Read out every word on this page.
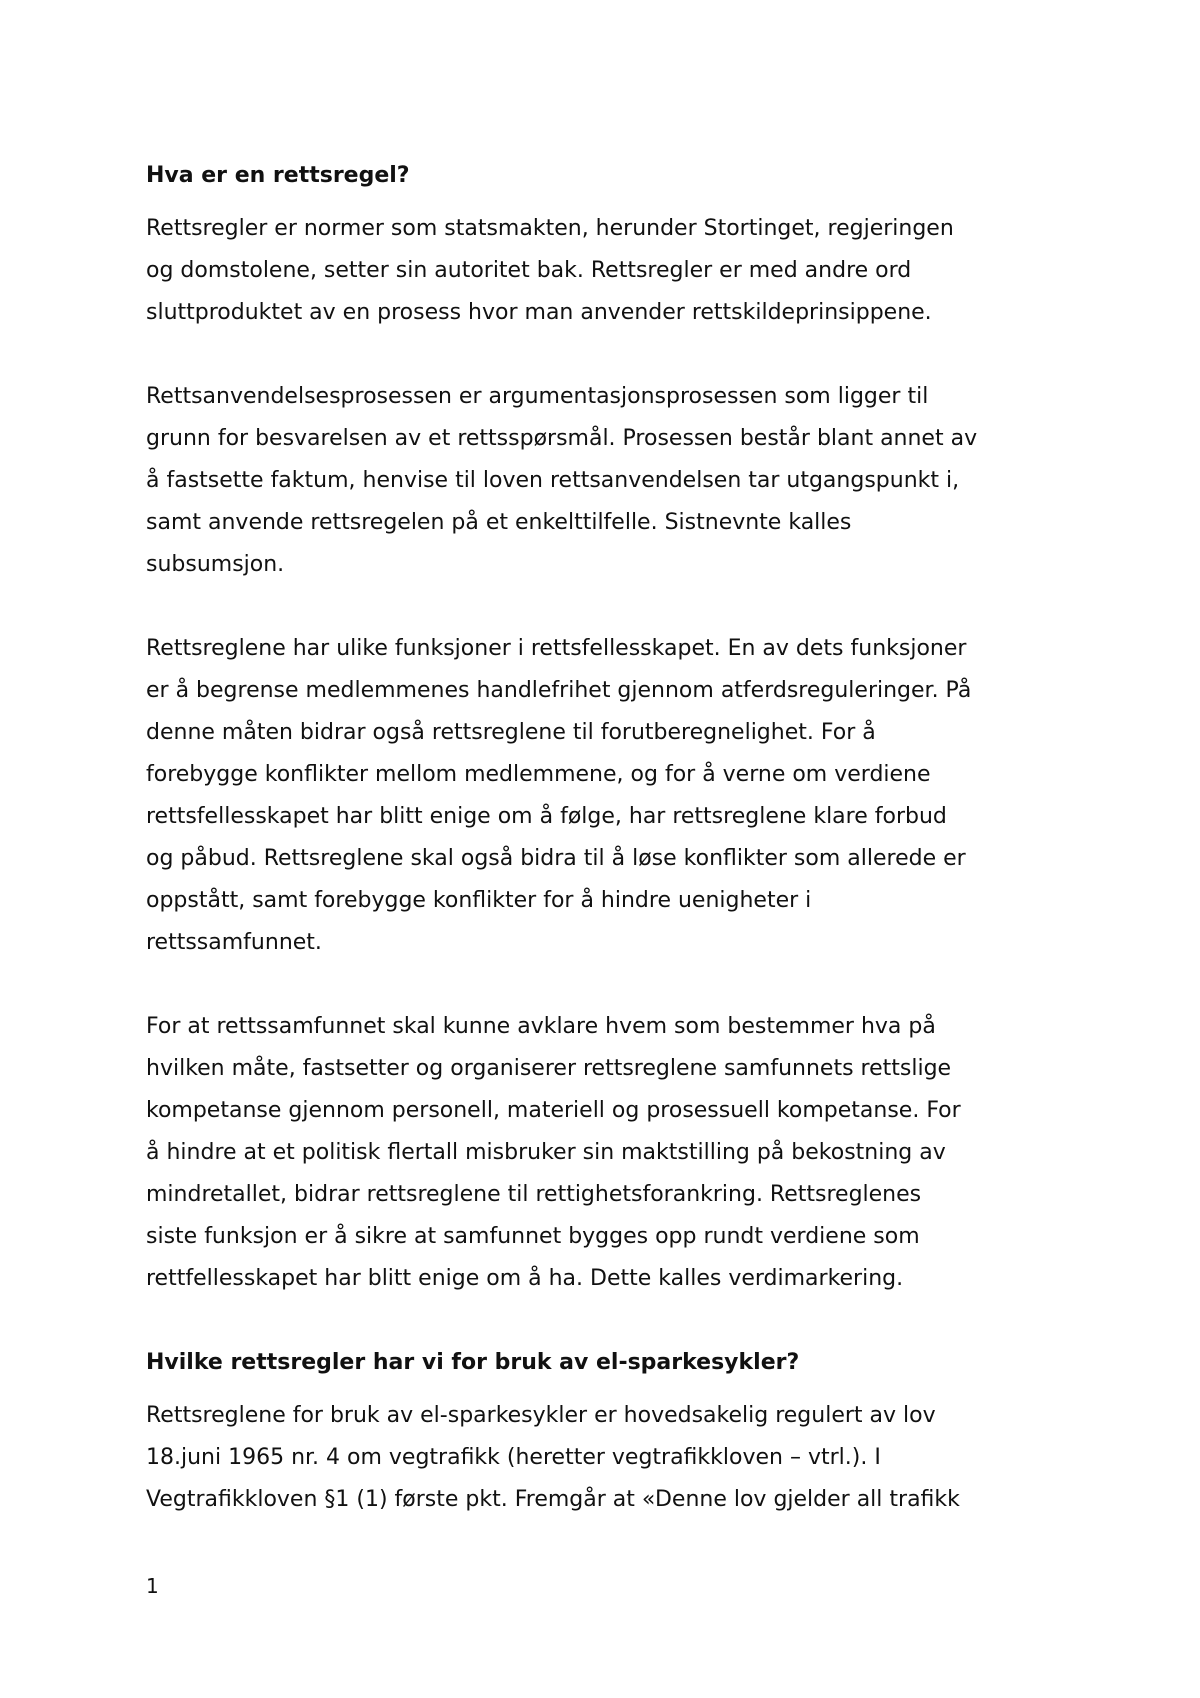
Hva er en rettsregel?
Rettsregler er normer som statsmakten, herunder Stortinget, regjeringen
og domstolene, setter sin autoritet bak. Rettsregler er med andre ord
sluttproduktet av en prosess hvor man anvender rettskildeprinsippene.
Rettsanvendelsesprosessen er argumentasjonsprosessen som ligger til
grunn for besvarelsen av et rettsspørsmål. Prosessen består blant annet av
å fastsette faktum, henvise til loven rettsanvendelsen tar utgangspunkt i,
samt anvende rettsregelen på et enkelttilfelle. Sistnevnte kalles
subsumsjon.
Rettsreglene har ulike funksjoner i rettsfellesskapet. En av dets funksjoner
er å begrense medlemmenes handlefrihet gjennom atferdsreguleringer. På
denne måten bidrar også rettsreglene til forutberegnelighet. For å
forebygge konflikter mellom medlemmene, og for å verne om verdiene
rettsfellesskapet har blitt enige om å følge, har rettsreglene klare forbud
og påbud. Rettsreglene skal også bidra til å løse konflikter som allerede er
oppstått, samt forebygge konflikter for å hindre uenigheter i
rettssamfunnet.
For at rettssamfunnet skal kunne avklare hvem som bestemmer hva på
hvilken måte, fastsetter og organiserer rettsreglene samfunnets rettslige
kompetanse gjennom personell, materiell og prosessuell kompetanse. For
å hindre at et politisk flertall misbruker sin maktstilling på bekostning av
mindretallet, bidrar rettsreglene til rettighetsforankring. Rettsreglenes
siste funksjon er å sikre at samfunnet bygges opp rundt verdiene som
rettfellesskapet har blitt enige om å ha. Dette kalles verdimarkering.
Hvilke rettsregler har vi for bruk av el-sparkesykler?
Rettsreglene for bruk av el-sparkesykler er hovedsakelig regulert av lov
18.juni 1965 nr. 4 om vegtrafikk (heretter vegtrafikkloven – vtrl.). I
Vegtrafikkloven §1 (1) første pkt. Fremgår at «Denne lov gjelder all trafikk
1
